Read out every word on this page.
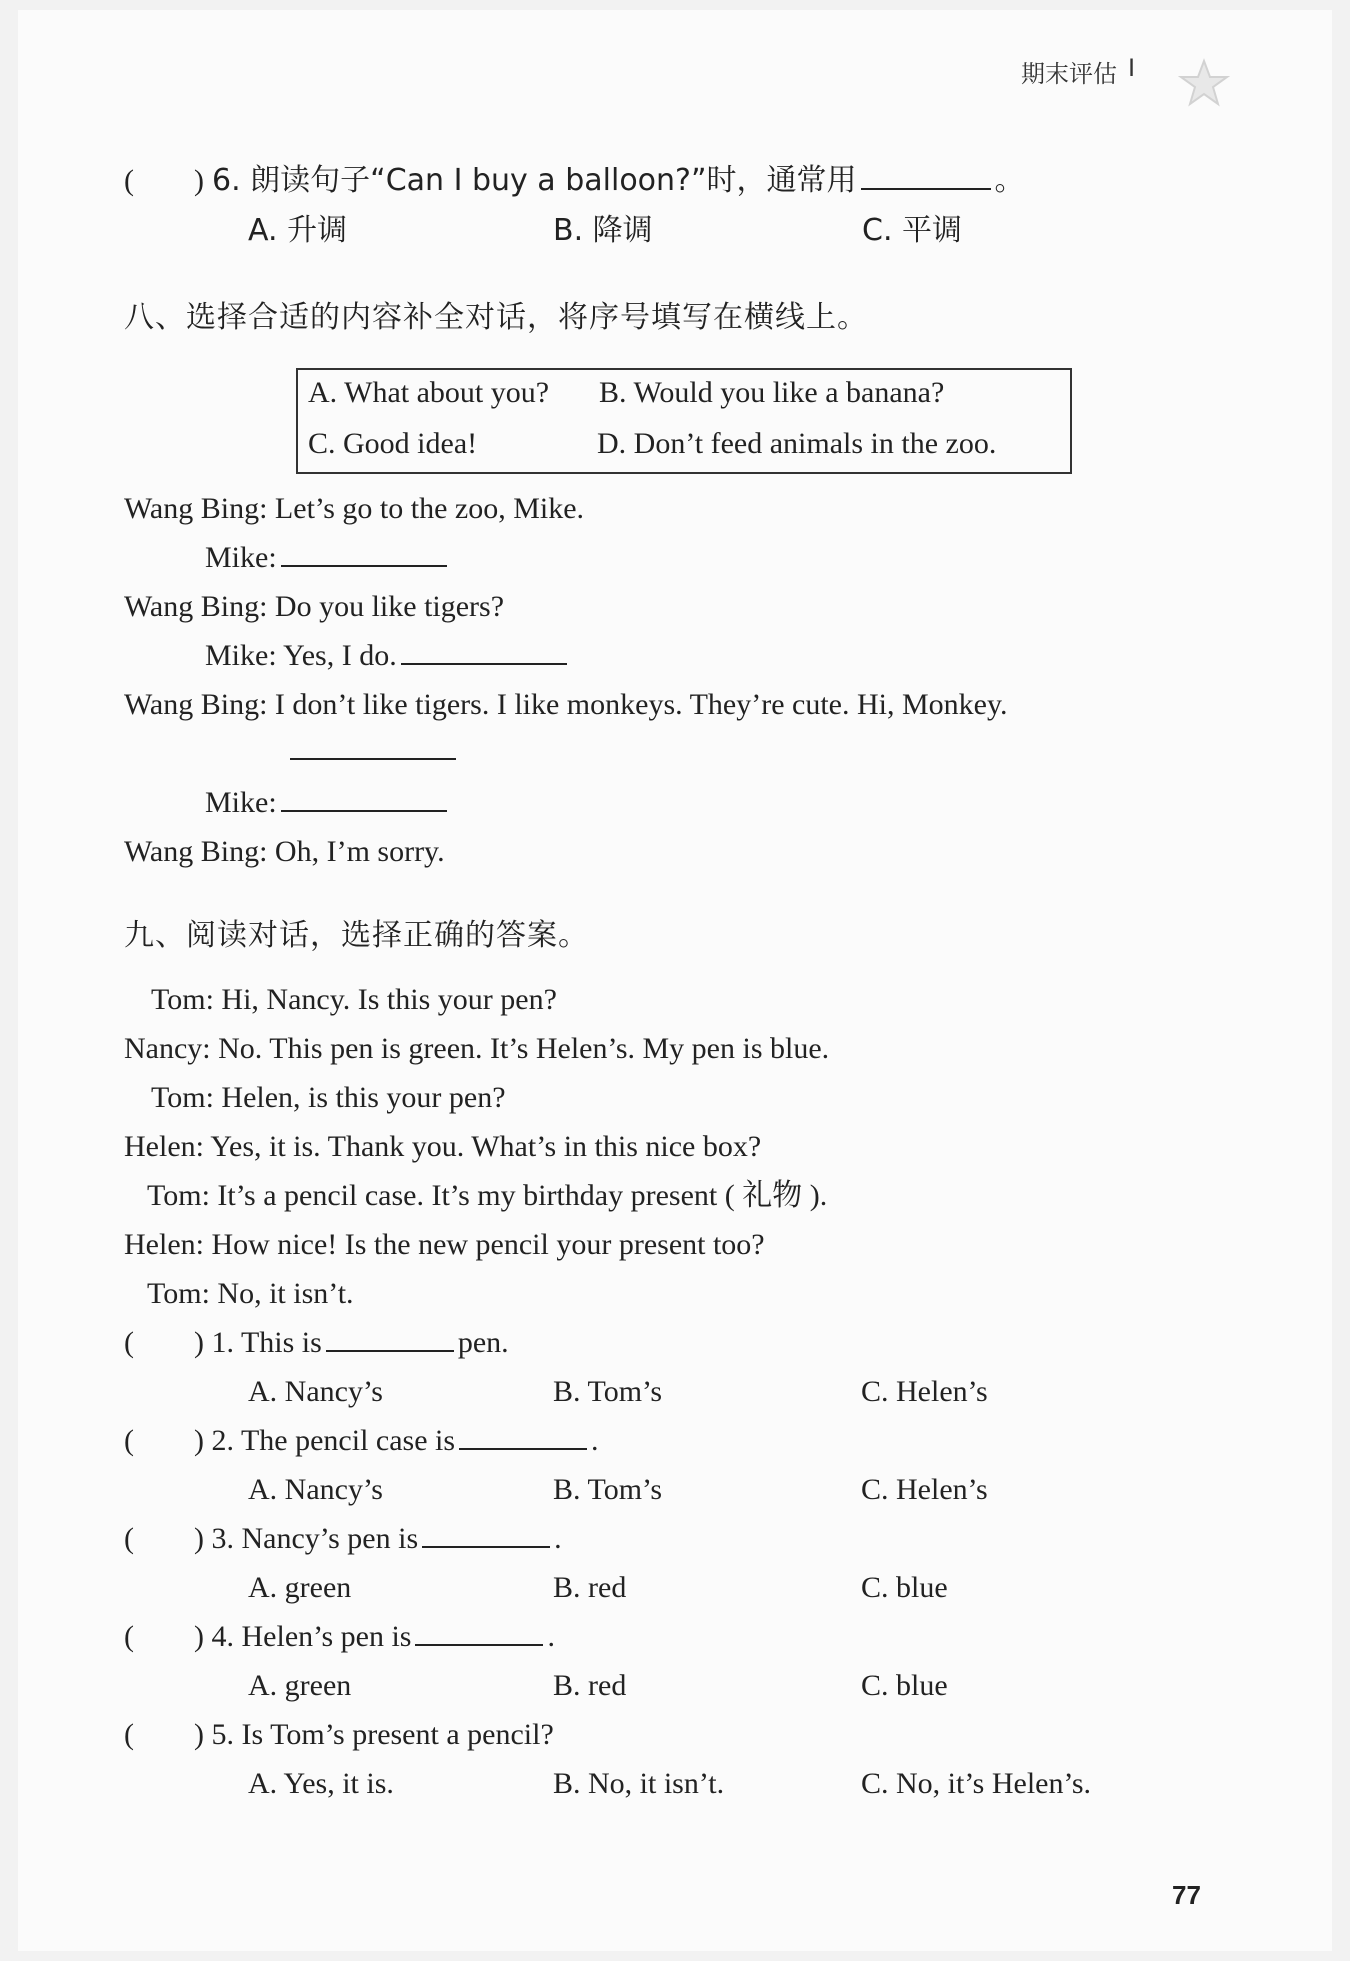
期末评估 I
( ) 6. 朗读句子“Can I buy a balloon?”时，通常用	。
A. 升调	B. 降调	C. 平调
八、选择合适的内容补全对话，将序号填写在横线上。
A. What about you? B. Would you like a banana?
C. Good idea!	D. Don’t feed animals in the zoo.
Wang Bing: Let’s go to the zoo, Mike.
Mike:
Wang Bing: Do you like tigers?
Mike: Yes, I do.
Wang Bing: I don’t like tigers. I like monkeys. They’re cute. Hi, Monkey.
Mike:
Wang Bing: Oh, I’m sorry.
九、阅读对话，选择正确的答案。
Tom: Hi, Nancy. Is this your pen?
Nancy: No. This pen is green. It’s Helen’s. My pen is blue.
Tom: Helen, is this your pen?
Helen: Yes, it is. Thank you. What’s in this nice box?
Tom: It’s a pencil case. It’s my birthday present ( 礼物 ).
Helen: How nice! Is the new pencil your present too?
Tom: No, it isn’t.
( ) 1. This is	pen.
A. Nancy’s	B. Tom’s	C. Helen’s
( ) 2. The pencil case is	.
A. Nancy’s	B. Tom’s	C. Helen’s
( ) 3. Nancy’s pen is	.
A. green	B. red	C. blue
( ) 4. Helen’s pen is	.
A. green	B. red	C. blue
( ) 5. Is Tom’s present a pencil?
A. Yes, it is.	B. No, it isn’t.	C. No, it’s Helen’s.
77
